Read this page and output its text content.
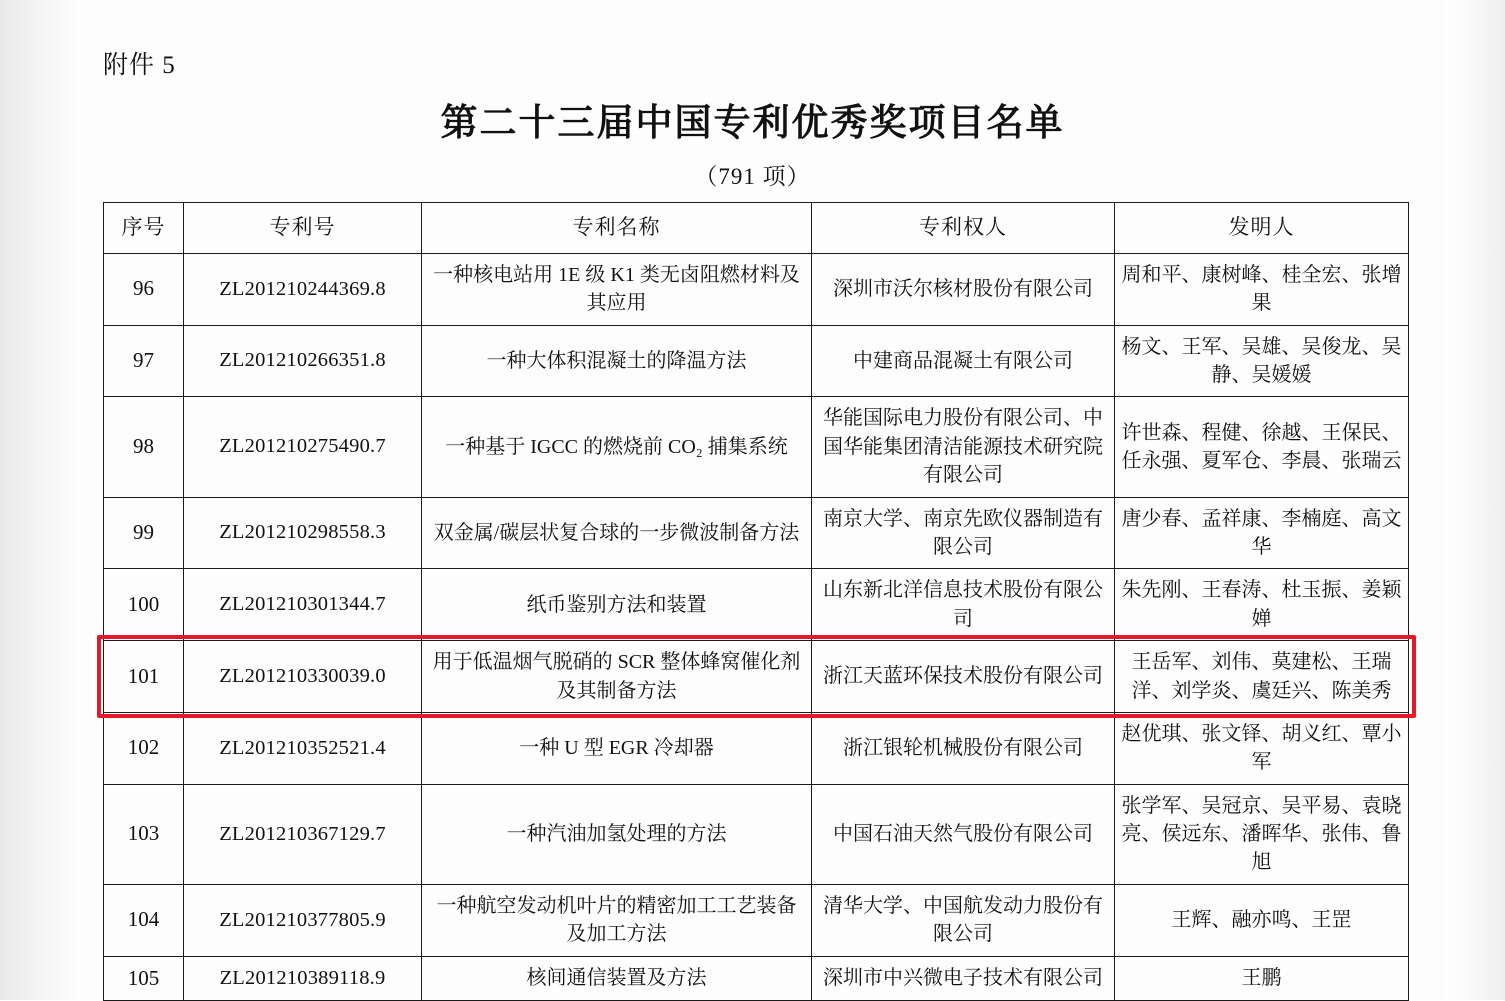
附件 5
第二十三届中国专利优秀奖项目名单
（791 项）
序号	专利号	专利名称	专利权人	发明人
96	ZL201210244369.8	一种核电站用 1E 级 K1 类无卤阻燃材料及其应用	深圳市沃尔核材股份有限公司	周和平、康树峰、桂全宏、张增果
97	ZL201210266351.8	一种大体积混凝土的降温方法	中建商品混凝土有限公司	杨文、王军、吴雄、吴俊龙、吴静、吴媛媛
98	ZL201210275490.7	一种基于 IGCC 的燃烧前 CO₂ 捕集系统	华能国际电力股份有限公司、中国华能集团清洁能源技术研究院有限公司	许世森、程健、徐越、王保民、任永强、夏军仓、李晨、张瑞云
99	ZL201210298558.3	双金属/碳层状复合球的一步微波制备方法	南京大学、南京先欧仪器制造有限公司	唐少春、孟祥康、李楠庭、高文华
100	ZL201210301344.7	纸币鉴别方法和装置	山东新北洋信息技术股份有限公司	朱先刚、王春涛、杜玉振、姜颖婵
101	ZL201210330039.0	用于低温烟气脱硝的 SCR 整体蜂窝催化剂及其制备方法	浙江天蓝环保技术股份有限公司	王岳军、刘伟、莫建松、王瑞洋、刘学炎、虞廷兴、陈美秀
102	ZL201210352521.4	一种 U 型 EGR 冷却器	浙江银轮机械股份有限公司	赵优琪、张文铎、胡义红、覃小军
103	ZL201210367129.7	一种汽油加氢处理的方法	中国石油天然气股份有限公司	张学军、吴冠京、吴平易、袁晓亮、侯远东、潘晖华、张伟、鲁旭
104	ZL201210377805.9	一种航空发动机叶片的精密加工工艺装备及加工方法	清华大学、中国航发动力股份有限公司	王辉、融亦鸣、王罡
105	ZL201210389118.9	核间通信装置及方法	深圳市中兴微电子技术有限公司	王鹏
